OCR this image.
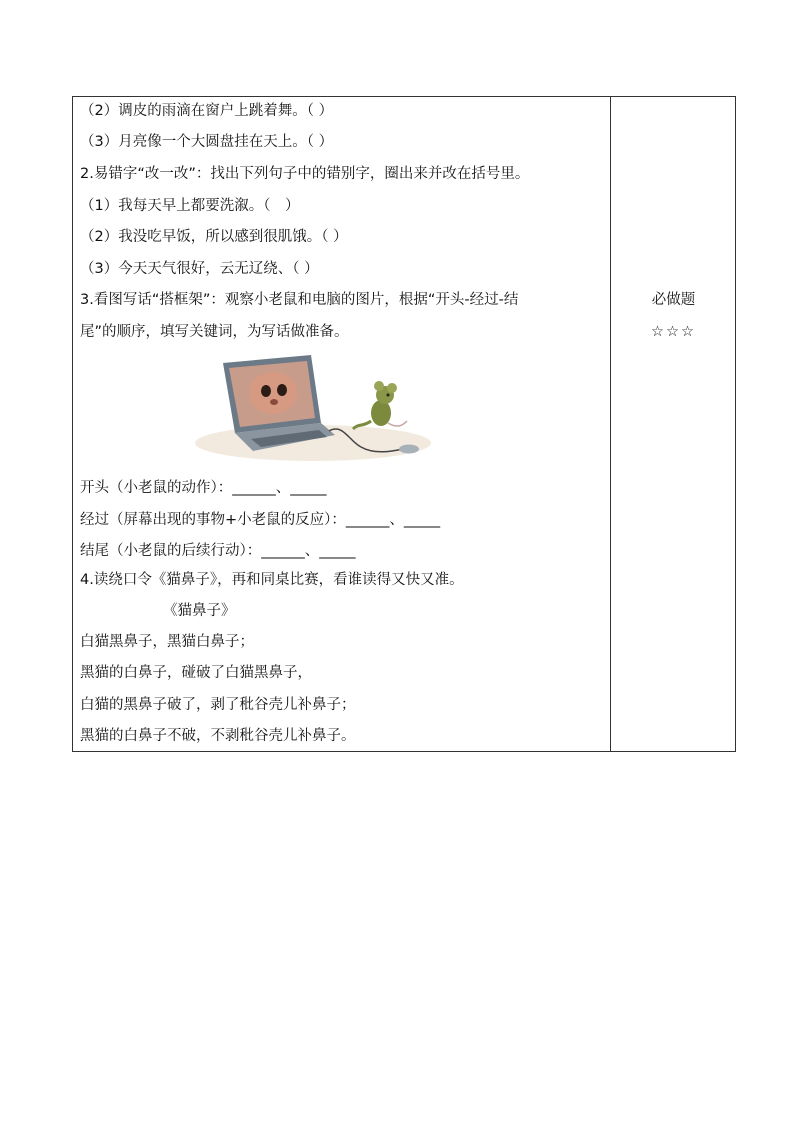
（2）调皮的雨滴在窗户上跳着舞。（ ）
（3）月亮像一个大圆盘挂在天上。（ ）
2.易错字“改一改”：找出下列句子中的错别字，圈出来并改在括号里。
（1）我每天早上都要洗溆。（　）
（2）我没吃早饭，所以感到很肌饿。（ ）
（3）今天天气很好，云无辽绕、（ ）
3.看图写话“搭框架”：观察小老鼠和电脑的图片，根据“开头-经过-结
尾”的顺序，填写关键词，为写话做准备。
开头（小老鼠的动作）：______、_____
经过（屏幕出现的事物+小老鼠的反应）：______、_____
结尾（小老鼠的后续行动）：______、_____
4.读绕口令《猫鼻子》，再和同桌比赛，看谁读得又快又准。
《猫鼻子》
白猫黑鼻子，黑猫白鼻子；
黑猫的白鼻子，碰破了白猫黑鼻子，
白猫的黑鼻子破了，剥了秕谷壳儿补鼻子；
黑猫的白鼻子不破，不剥秕谷壳儿补鼻子。
必做题
☆☆☆
